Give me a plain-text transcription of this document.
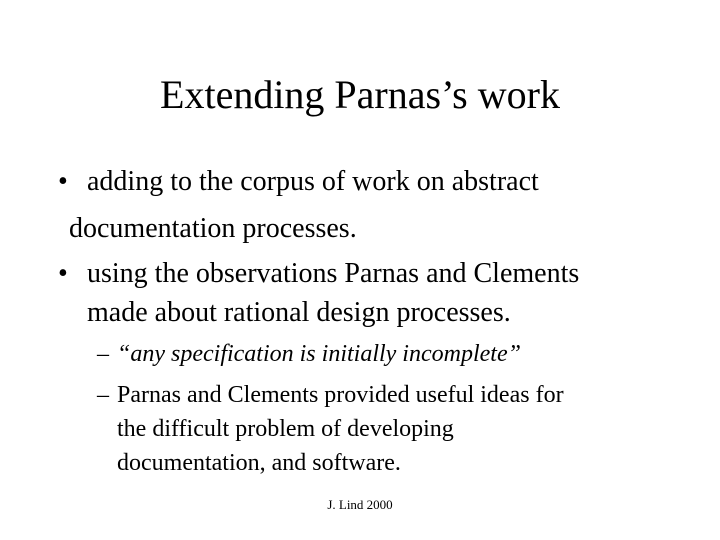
Extending Parnas’s work
• adding to the corpus of work on abstract
documentation processes.
• using the observations Parnas and Clements
made about rational design processes.
– “any specification is initially incomplete”
– Parnas and Clements provided useful ideas for
the difficult problem of developing
documentation, and software.
J. Lind 2000
